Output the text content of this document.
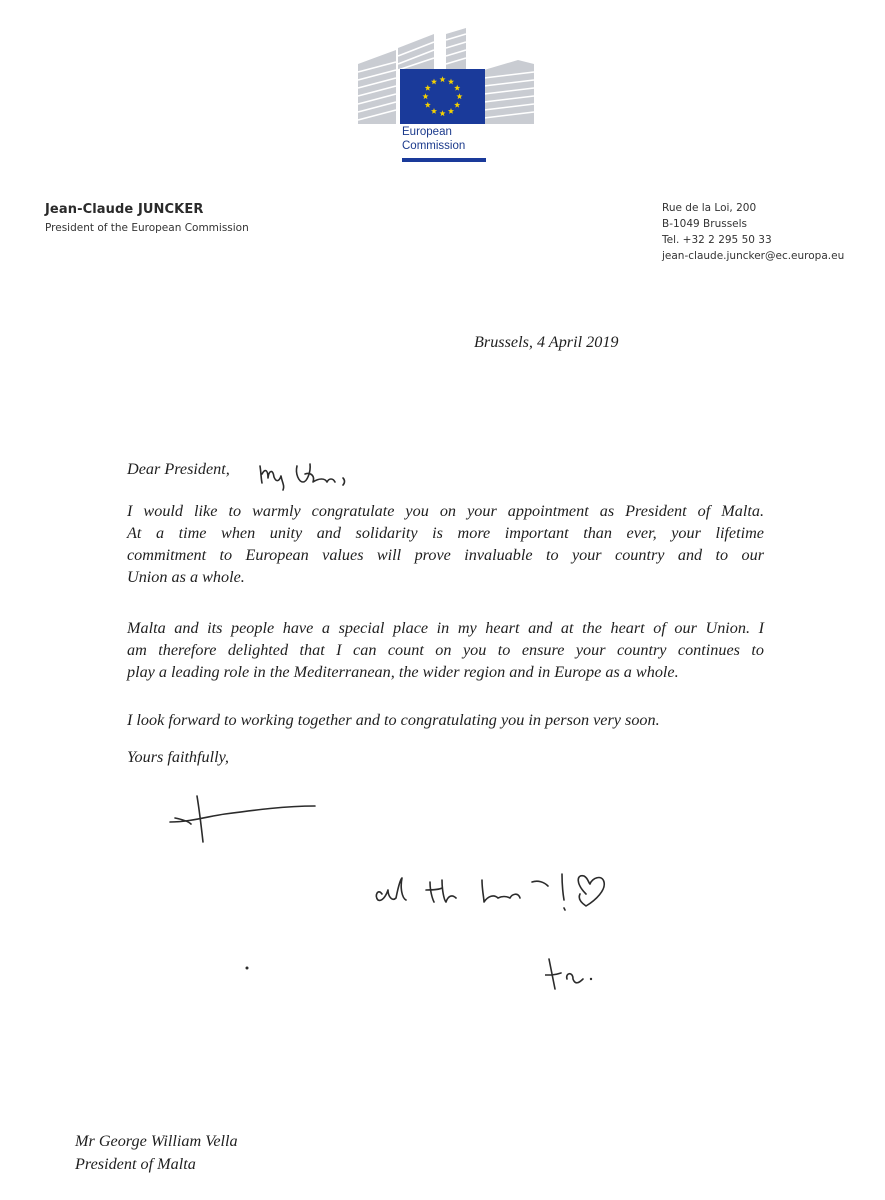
European
Commission
Jean-Claude JUNCKER
President of the European Commission
Rue de la Loi, 200
B-1049 Brussels
Tel. +32 2 295 50 33
jean-claude.juncker@ec.europa.eu
Brussels, 4 April 2019
Dear President,
my Dear,
I would like to warmly congratulate you on your appointment as President of Malta.
At a time when unity and solidarity is more important than ever, your lifetime
commitment to European values will prove invaluable to your country and to our
Union as a whole.
Malta and its people have a special place in my heart and at the heart of our Union. I
am therefore delighted that I can count on you to ensure your country continues to
play a leading role in the Mediterranean, the wider region and in Europe as a whole.
I look forward to working together and to congratulating you in person very soon.
Yours faithfully,
Mr George William Vella
President of Malta
